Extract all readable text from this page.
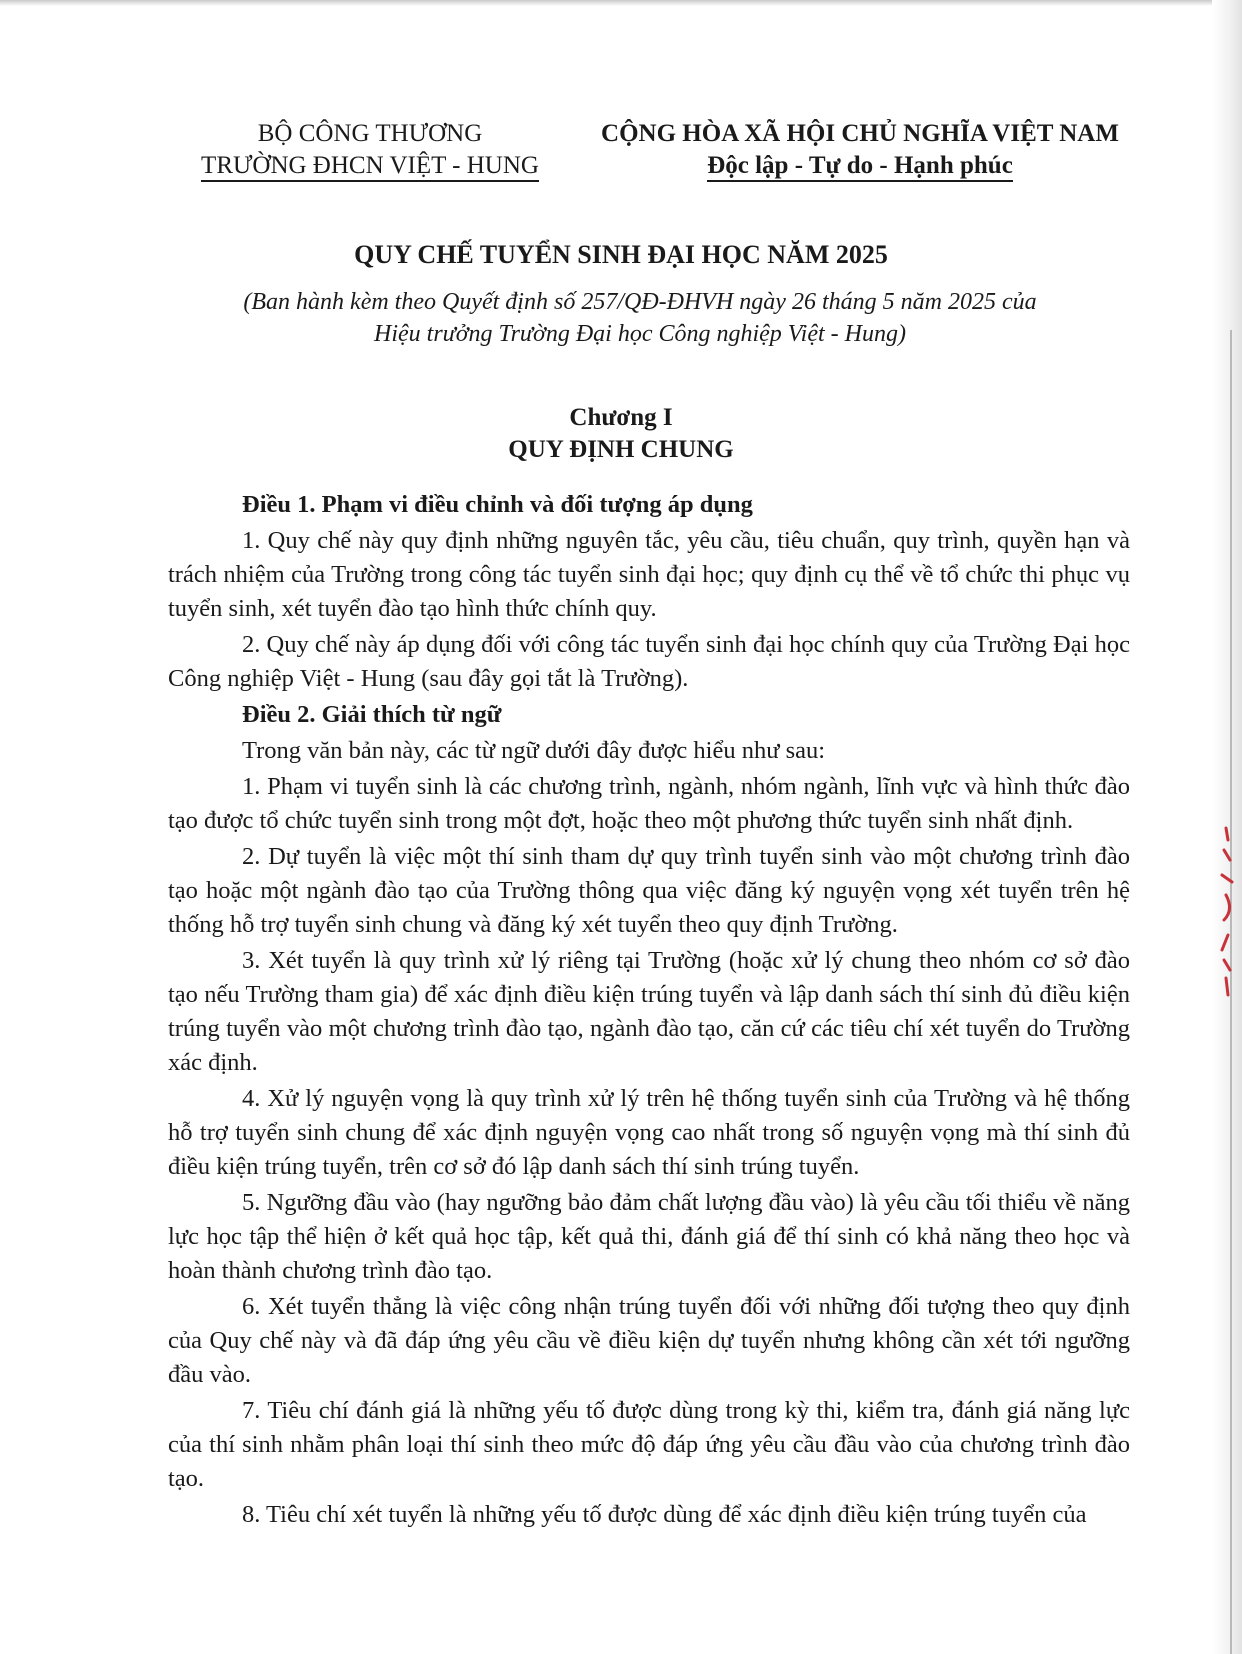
BỘ CÔNG THƯƠNG
TRƯỜNG ĐHCN VIỆT - HUNG
CỘNG HÒA XÃ HỘI CHỦ NGHĨA VIỆT NAM
Độc lập - Tự do - Hạnh phúc
QUY CHẾ TUYỂN SINH ĐẠI HỌC NĂM 2025
(Ban hành kèm theo Quyết định số 257/QĐ-ĐHVH ngày 26 tháng 5 năm 2025 của
Hiệu trưởng Trường Đại học Công nghiệp Việt - Hung)
Chương I
QUY ĐỊNH CHUNG

Điều 1. Phạm vi điều chỉnh và đối tượng áp dụng

1. Quy chế này quy định những nguyên tắc, yêu cầu, tiêu chuẩn, quy trình, quyền hạn và trách nhiệm của Trường trong công tác tuyển sinh đại học; quy định cụ thể về tổ chức thi phục vụ tuyển sinh, xét tuyển đào tạo hình thức chính quy.

2. Quy chế này áp dụng đối với công tác tuyển sinh đại học chính quy của Trường Đại học Công nghiệp Việt - Hung (sau đây gọi tắt là Trường).

Điều 2. Giải thích từ ngữ

Trong văn bản này, các từ ngữ dưới đây được hiểu như sau:

1. Phạm vi tuyển sinh là các chương trình, ngành, nhóm ngành, lĩnh vực và hình thức đào tạo được tổ chức tuyển sinh trong một đợt, hoặc theo một phương thức tuyển sinh nhất định.

2. Dự tuyển là việc một thí sinh tham dự quy trình tuyển sinh vào một chương trình đào tạo hoặc một ngành đào tạo của Trường thông qua việc đăng ký nguyện vọng xét tuyển trên hệ thống hỗ trợ tuyển sinh chung và đăng ký xét tuyển theo quy định Trường.

3. Xét tuyển là quy trình xử lý riêng tại Trường (hoặc xử lý chung theo nhóm cơ sở đào tạo nếu Trường tham gia) để xác định điều kiện trúng tuyển và lập danh sách thí sinh đủ điều kiện trúng tuyển vào một chương trình đào tạo, ngành đào tạo, căn cứ các tiêu chí xét tuyển do Trường xác định.

4. Xử lý nguyện vọng là quy trình xử lý trên hệ thống tuyển sinh của Trường và hệ thống hỗ trợ tuyển sinh chung để xác định nguyện vọng cao nhất trong số nguyện vọng mà thí sinh đủ điều kiện trúng tuyển, trên cơ sở đó lập danh sách thí sinh trúng tuyển.

5. Ngưỡng đầu vào (hay ngưỡng bảo đảm chất lượng đầu vào) là yêu cầu tối thiểu về năng lực học tập thể hiện ở kết quả học tập, kết quả thi, đánh giá để thí sinh có khả năng theo học và hoàn thành chương trình đào tạo.

6. Xét tuyển thẳng là việc công nhận trúng tuyển đối với những đối tượng theo quy định của Quy chế này và đã đáp ứng yêu cầu về điều kiện dự tuyển nhưng không cần xét tới ngưỡng đầu vào.

7. Tiêu chí đánh giá là những yếu tố được dùng trong kỳ thi, kiểm tra, đánh giá năng lực của thí sinh nhằm phân loại thí sinh theo mức độ đáp ứng yêu cầu đầu vào của chương trình đào tạo.

8. Tiêu chí xét tuyển là những yếu tố được dùng để xác định điều kiện trúng tuyển của
